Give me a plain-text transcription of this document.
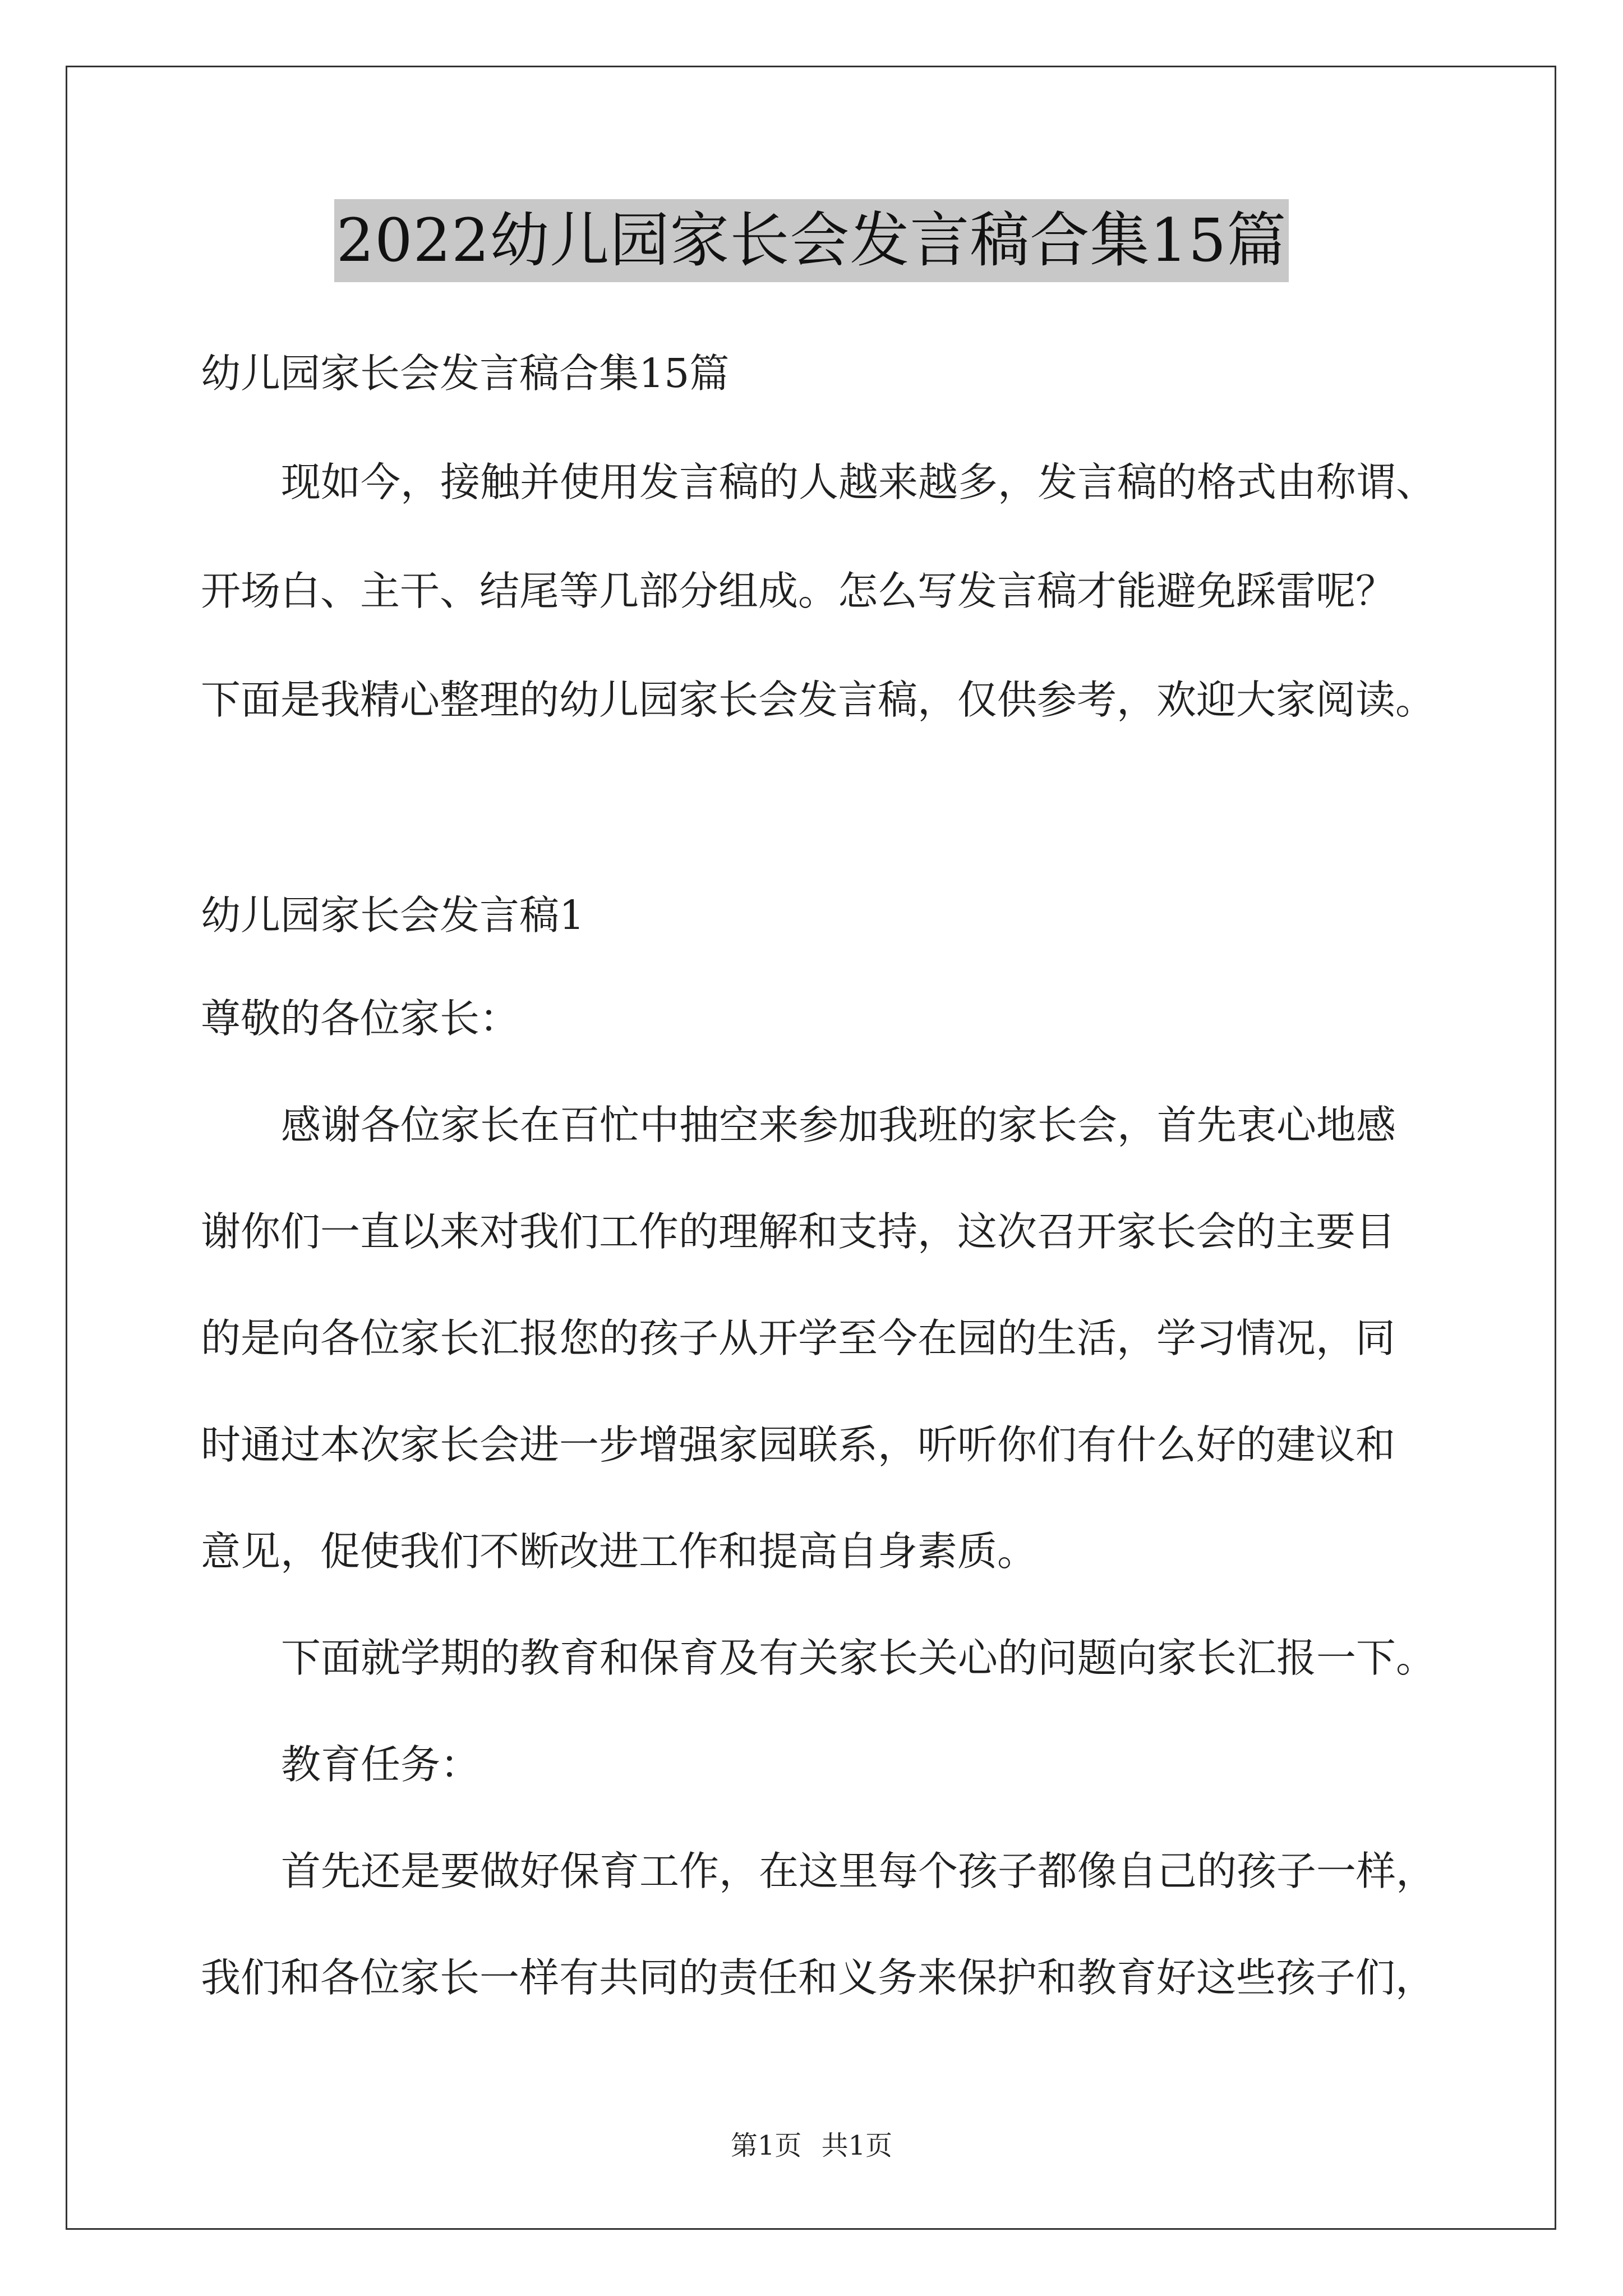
2022幼儿园家长会发言稿合集15篇
幼儿园家长会发言稿合集15篇
现如今，接触并使用发言稿的人越来越多，发言稿的格式由称谓、
开场白、主干、结尾等几部分组成。怎么写发言稿才能避免踩雷呢？
下面是我精心整理的幼儿园家长会发言稿，仅供参考，欢迎大家阅读。
幼儿园家长会发言稿1
尊敬的各位家长：
感谢各位家长在百忙中抽空来参加我班的家长会，首先衷心地感
谢你们一直以来对我们工作的理解和支持，这次召开家长会的主要目
的是向各位家长汇报您的孩子从开学至今在园的生活，学习情况，同
时通过本次家长会进一步增强家园联系，听听你们有什么好的建议和
意见，促使我们不断改进工作和提高自身素质。
下面就学期的教育和保育及有关家长关心的问题向家长汇报一下。
教育任务：
首先还是要做好保育工作，在这里每个孩子都像自己的孩子一样，
我们和各位家长一样有共同的责任和义务来保护和教育好这些孩子们，
第1页 共1页
